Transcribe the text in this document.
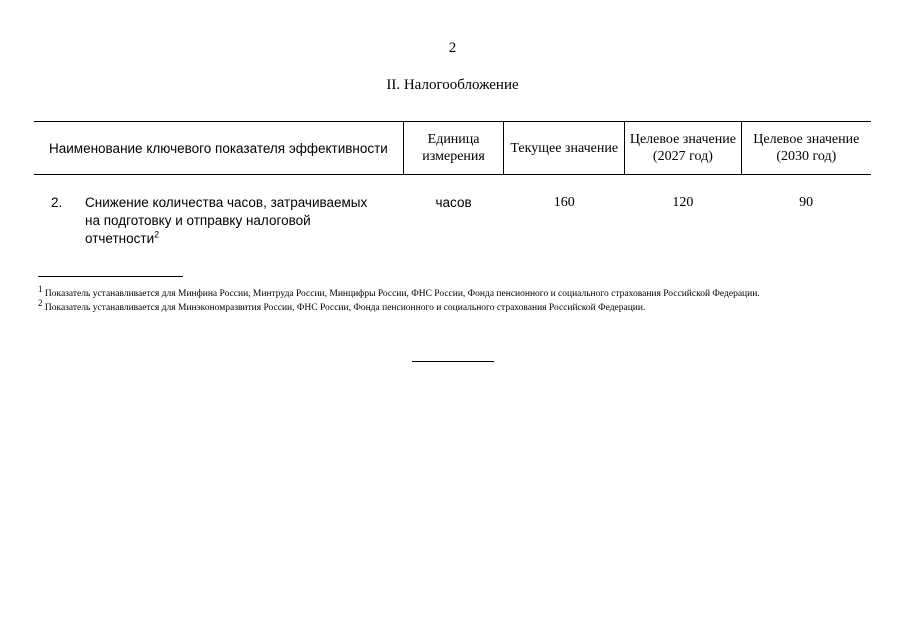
2
II. Налогообложение
Наименование ключевого показателя эффективности	Единица измерения	Текущее значение	Целевое значение (2027 год)	Целевое значение (2030 год)
2. Снижение количества часов, затрачиваемых на подготовку и отправку налоговой отчетности$^2$	часов	160	120	90
$^1$ Показатель устанавливается для Минфина России, Минтруда России, Минцифры России, ФНС России, Фонда пенсионного и социального страхования Российской Федерации.
$^2$ Показатель устанавливается для Минэкономразвития России, ФНС России, Фонда пенсионного и социального страхования Российской Федерации.
